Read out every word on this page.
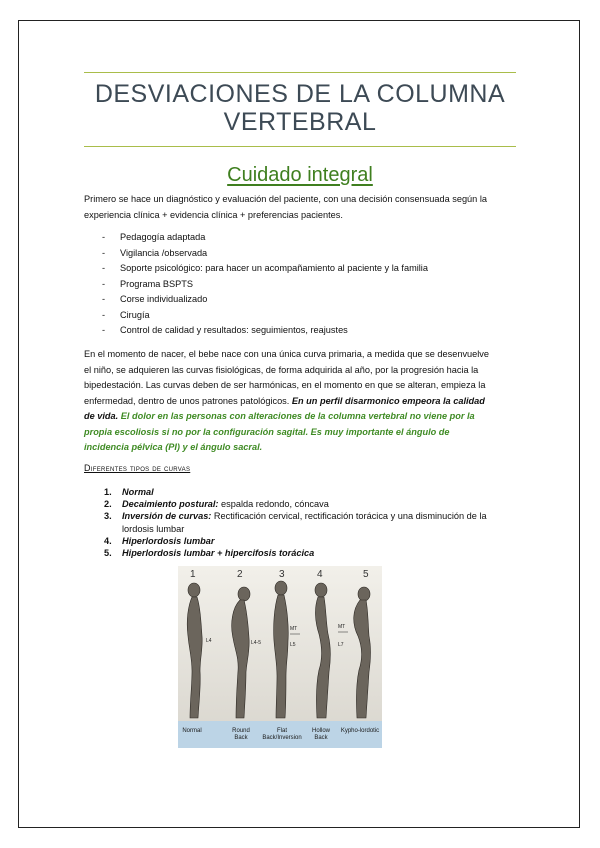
DESVIACIONES DE LA COLUMNA
VERTEBRAL
Cuidado integral
Primero se hace un diagnóstico y evaluación del paciente, con una decisión consensuada según la
experiencia clínica + evidencia clínica + preferencias pacientes.
- Pedagogía adaptada
- Vigilancia /observada
- Soporte psicológico: para hacer un acompañamiento al paciente y la familia
- Programa BSPTS
- Corse individualizado
- Cirugía
- Control de calidad y resultados: seguimientos, reajustes
En el momento de nacer, el bebe nace con una única curva primaria, a medida que se desenvuelve
el niño, se adquieren las curvas fisiológicas, de forma adquirida al año, por la progresión hacia la
bipedestación. Las curvas deben de ser harmónicas, en el momento en que se alteran, empieza la
enfermedad, dentro de unos patrones patológicos. En un perfil disarmonico empeora la calidad
de vida. El dolor en las personas con alteraciones de la columna vertebral no viene por la
propia escoliosis si no por la configuración sagital. Es muy importante el ángulo de
incidencia pélvica (PI) y el ángulo sacral.
Diferentes tipos de curvas
1. Normal
2. Decaimiento postural: espalda redondo, cóncava
3. Inversión de curvas: Rectificación cervical, rectificación torácica y una disminución de la
lordosis lumbar
4. Hiperlordosis lumbar
5. Hiperlordosis lumbar + hipercifosis torácica
1	2	3	4	5
L4	L4-5
MT
L5
MT
L7
Normal	Round
Back
Flat
Back/Inversion
Hollow
Back
Kypho-lordotic
